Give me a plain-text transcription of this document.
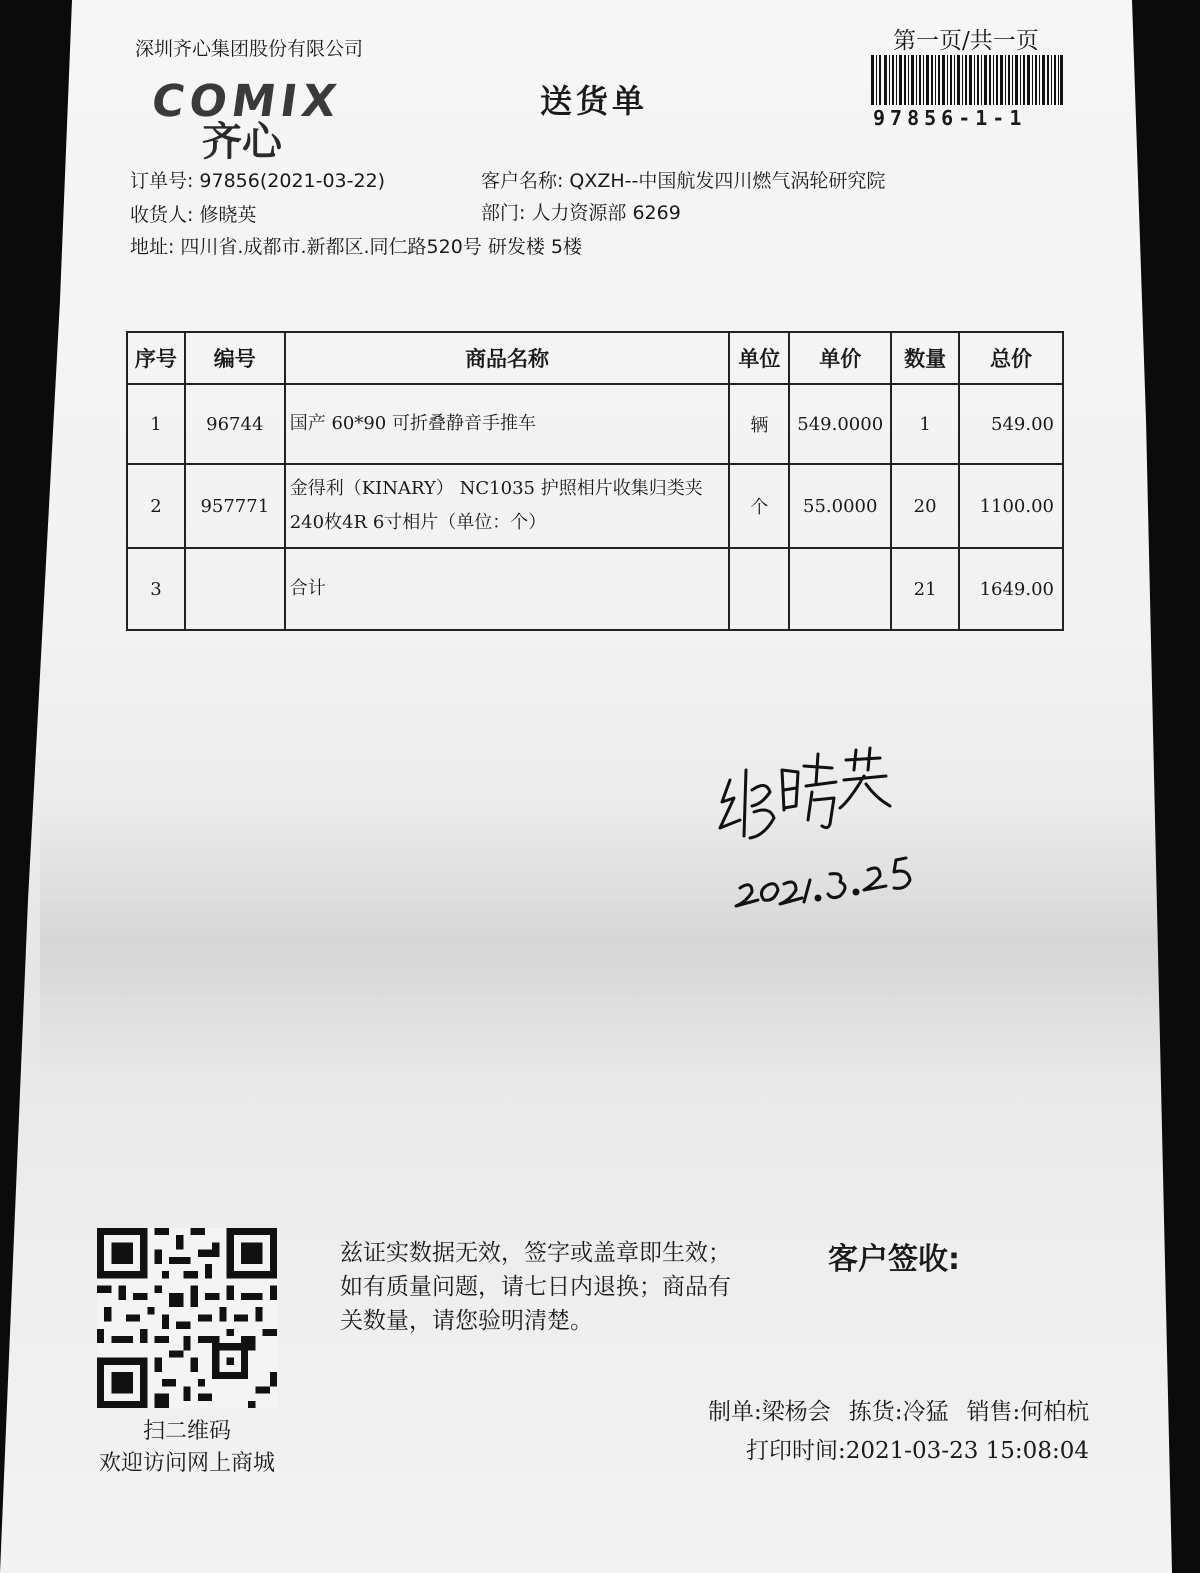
深圳齐心集团股份有限公司
COMIX
齐心
送货单
第一页/共一页
97856-1-1
订单号: 97856(2021-03-22)	客户名称: QXZH--中国航发四川燃气涡轮研究院
收货人: 修晓英	部门: 人力资源部 6269
地址: 四川省.成都市.新都区.同仁路520号 研发楼 5楼
序号	编号	商品名称	单位	单价	数量	总价
1	96744	国产 60*90 可折叠静音手推车	辆	549.0000	1	549.00
2	957771	金得利（KINARY） NC1035 护照相片收集归类夹240枚4R 6寸相片（单位：个）	个	55.0000	20	1100.00
3		合计			21	1649.00
扫二维码
欢迎访问网上商城
兹证实数据无效，签字或盖章即生效；如有质量问题，请七日内退换；商品有关数量，请您验明清楚。
客户签收:
制单:梁杨会 拣货:冷猛 销售:何柏杭
打印时间:2021-03-23 15:08:04
